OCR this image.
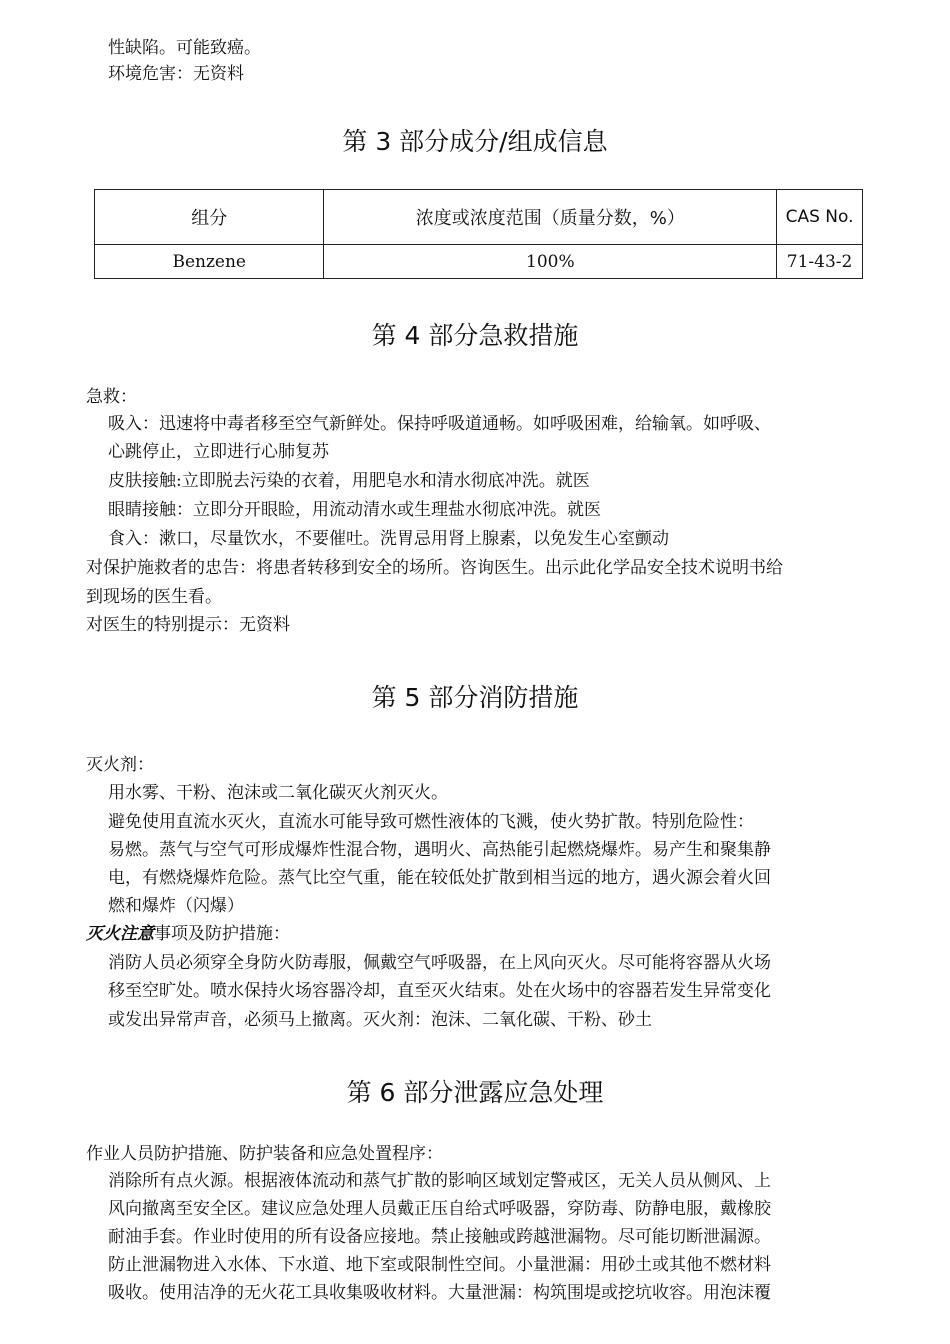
性缺陷。可能致癌。
环境危害：无资料
第 3 部分成分/组成信息
组分	浓度或浓度范围（质量分数，%）	CAS No.
Benzene	100%	71-43-2
第 4 部分急救措施
急救：
吸入：迅速将中毒者移至空气新鲜处。保持呼吸道通畅。如呼吸困难，给输氧。如呼吸、
心跳停止，立即进行心肺复苏
皮肤接触:立即脱去污染的衣着，用肥皂水和清水彻底冲洗。就医
眼睛接触：立即分开眼睑，用流动清水或生理盐水彻底冲洗。就医
食入：漱口，尽量饮水，不要催吐。洗胃忌用肾上腺素，以免发生心室颤动
对保护施救者的忠告：将患者转移到安全的场所。咨询医生。出示此化学品安全技术说明书给
到现场的医生看。
对医生的特别提示：无资料
第 5 部分消防措施
灭火剂：
用水雾、干粉、泡沫或二氧化碳灭火剂灭火。
避免使用直流水灭火，直流水可能导致可燃性液体的飞溅，使火势扩散。特别危险性：
易燃。蒸气与空气可形成爆炸性混合物，遇明火、高热能引起燃烧爆炸。易产生和聚集静
电，有燃烧爆炸危险。蒸气比空气重，能在较低处扩散到相当远的地方，遇火源会着火回
燃和爆炸（闪爆）
灭火注意事项及防护措施：
消防人员必须穿全身防火防毒服，佩戴空气呼吸器，在上风向灭火。尽可能将容器从火场
移至空旷处。喷水保持火场容器冷却，直至灭火结束。处在火场中的容器若发生异常变化
或发出异常声音，必须马上撤离。灭火剂：泡沫、二氧化碳、干粉、砂土
第 6 部分泄露应急处理
作业人员防护措施、防护装备和应急处置程序：
消除所有点火源。根据液体流动和蒸气扩散的影响区域划定警戒区，无关人员从侧风、上
风向撤离至安全区。建议应急处理人员戴正压自给式呼吸器，穿防毒、防静电服，戴橡胶
耐油手套。作业时使用的所有设备应接地。禁止接触或跨越泄漏物。尽可能切断泄漏源。
防止泄漏物进入水体、下水道、地下室或限制性空间。小量泄漏：用砂土或其他不燃材料
吸收。使用洁净的无火花工具收集吸收材料。大量泄漏：构筑围堤或挖坑收容。用泡沫覆
